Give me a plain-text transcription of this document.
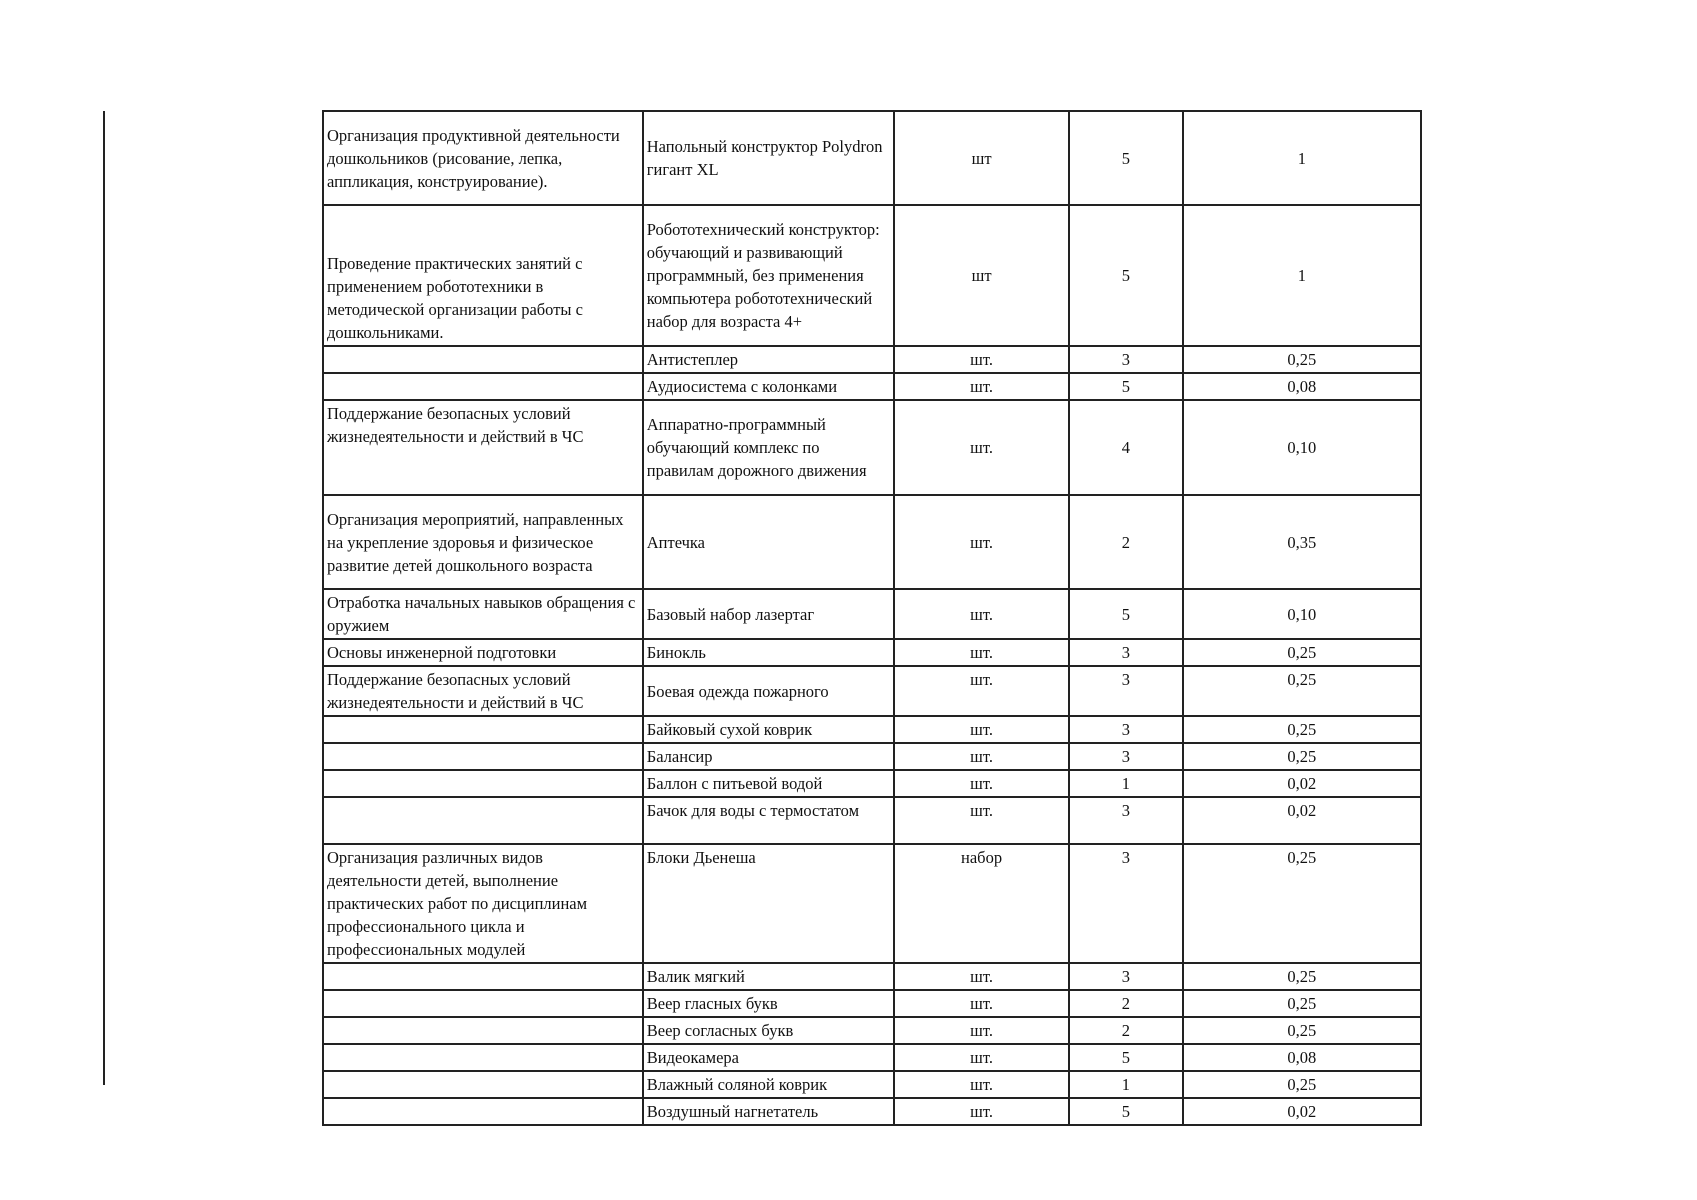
Организация продуктивной деятельности дошкольников (рисование, лепка, аппликация, конструирование).	Напольный конструктор Polydron гигант XL	шт	5	1
Проведение практических занятий с применением робототехники в методической организации работы с дошкольниками.	Робототехнический конструктор: обучающий и развивающий программный, без применения компьютера робототехнический набор для возраста 4+	шт	5	1
	Антистеплер	шт.	3	0,25
	Аудиосистема с колонками	шт.	5	0,08
Поддержание безопасных условий жизнедеятельности и действий в ЧС	Аппаратно-программный обучающий комплекс по правилам дорожного движения	шт.	4	0,10
Организация мероприятий, направленных на укрепление здоровья и физическое развитие детей дошкольного возраста	Аптечка	шт.	2	0,35
Отработка начальных навыков обращения с оружием	Базовый набор лазертаг	шт.	5	0,10
Основы инженерной подготовки	Бинокль	шт.	3	0,25
Поддержание безопасных условий жизнедеятельности и действий в ЧС	Боевая одежда пожарного	шт.	3	0,25
	Байковый сухой коврик	шт.	3	0,25
	Балансир	шт.	3	0,25
	Баллон с питьевой водой	шт.	1	0,02
	Бачок для воды с термостатом	шт.	3	0,02
Организация различных видов деятельности детей, выполнение практических работ по дисциплинам профессионального цикла и профессиональных модулей	Блоки Дьенеша	набор	3	0,25
	Валик мягкий	шт.	3	0,25
	Веер гласных букв	шт.	2	0,25
	Веер согласных букв	шт.	2	0,25
	Видеокамера	шт.	5	0,08
	Влажный соляной коврик	шт.	1	0,25
	Воздушный нагнетатель	шт.	5	0,02
